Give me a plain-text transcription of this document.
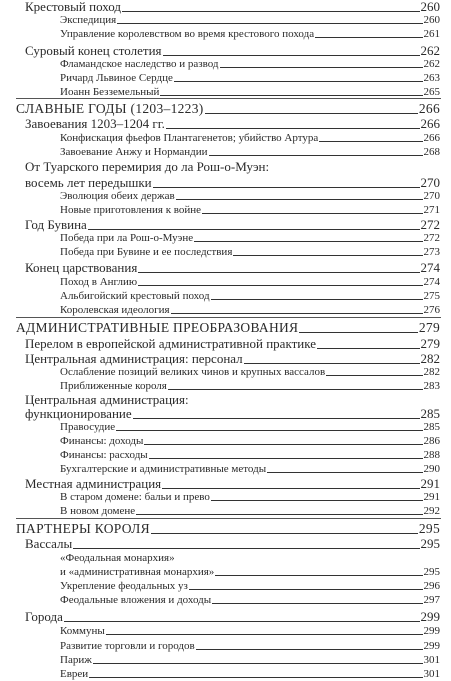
Крестовый поход	260
Экспедиция	260
Управление королевством во время крестового похода	261
Суровый конец столетия	262
Фламандское наследство и развод	262
Ричард Львиное Сердце	263
Иоанн Безземельный	265
СЛАВНЫЕ ГОДЫ (1203–1223)	266
Завоевания 1203–1204 гг.	266
Конфискация фьефов Плантагенетов; убийство Артура	266
Завоевание Анжу и Нормандии	268
От Туарского перемирия до ла Рош-о-Муэн:
восемь лет передышки	270
Эволюция обеих держав	270
Новые приготовления к войне	271
Год Бувина	272
Победа при ла Рош-о-Муэне	272
Победа при Бувине и ее последствия	273
Конец царствования	274
Поход в Англию	274
Альбигойский крестовый поход	275
Королевская идеология	276
АДМИНИСТРАТИВНЫЕ ПРЕОБРАЗОВАНИЯ	279
Перелом в европейской административной практике	279
Центральная администрация: персонал	282
Ослабление позиций великих чинов и крупных вассалов	282
Приближенные короля	283
Центральная администрация:
функционирование	285
Правосудие	285
Финансы: доходы	286
Финансы: расходы	288
Бухгалтерские и административные методы	290
Местная администрация	291
В старом домене: бальи и прево	291
В новом домене	292
ПАРТНЕРЫ КОРОЛЯ	295
Вассалы	295
«Феодальная монархия»
и «административная монархия»	295
Укрепление феодальных уз	296
Феодальные вложения и доходы	297
Города	299
Коммуны	299
Развитие торговли и городов	299
Париж	301
Евреи	301
